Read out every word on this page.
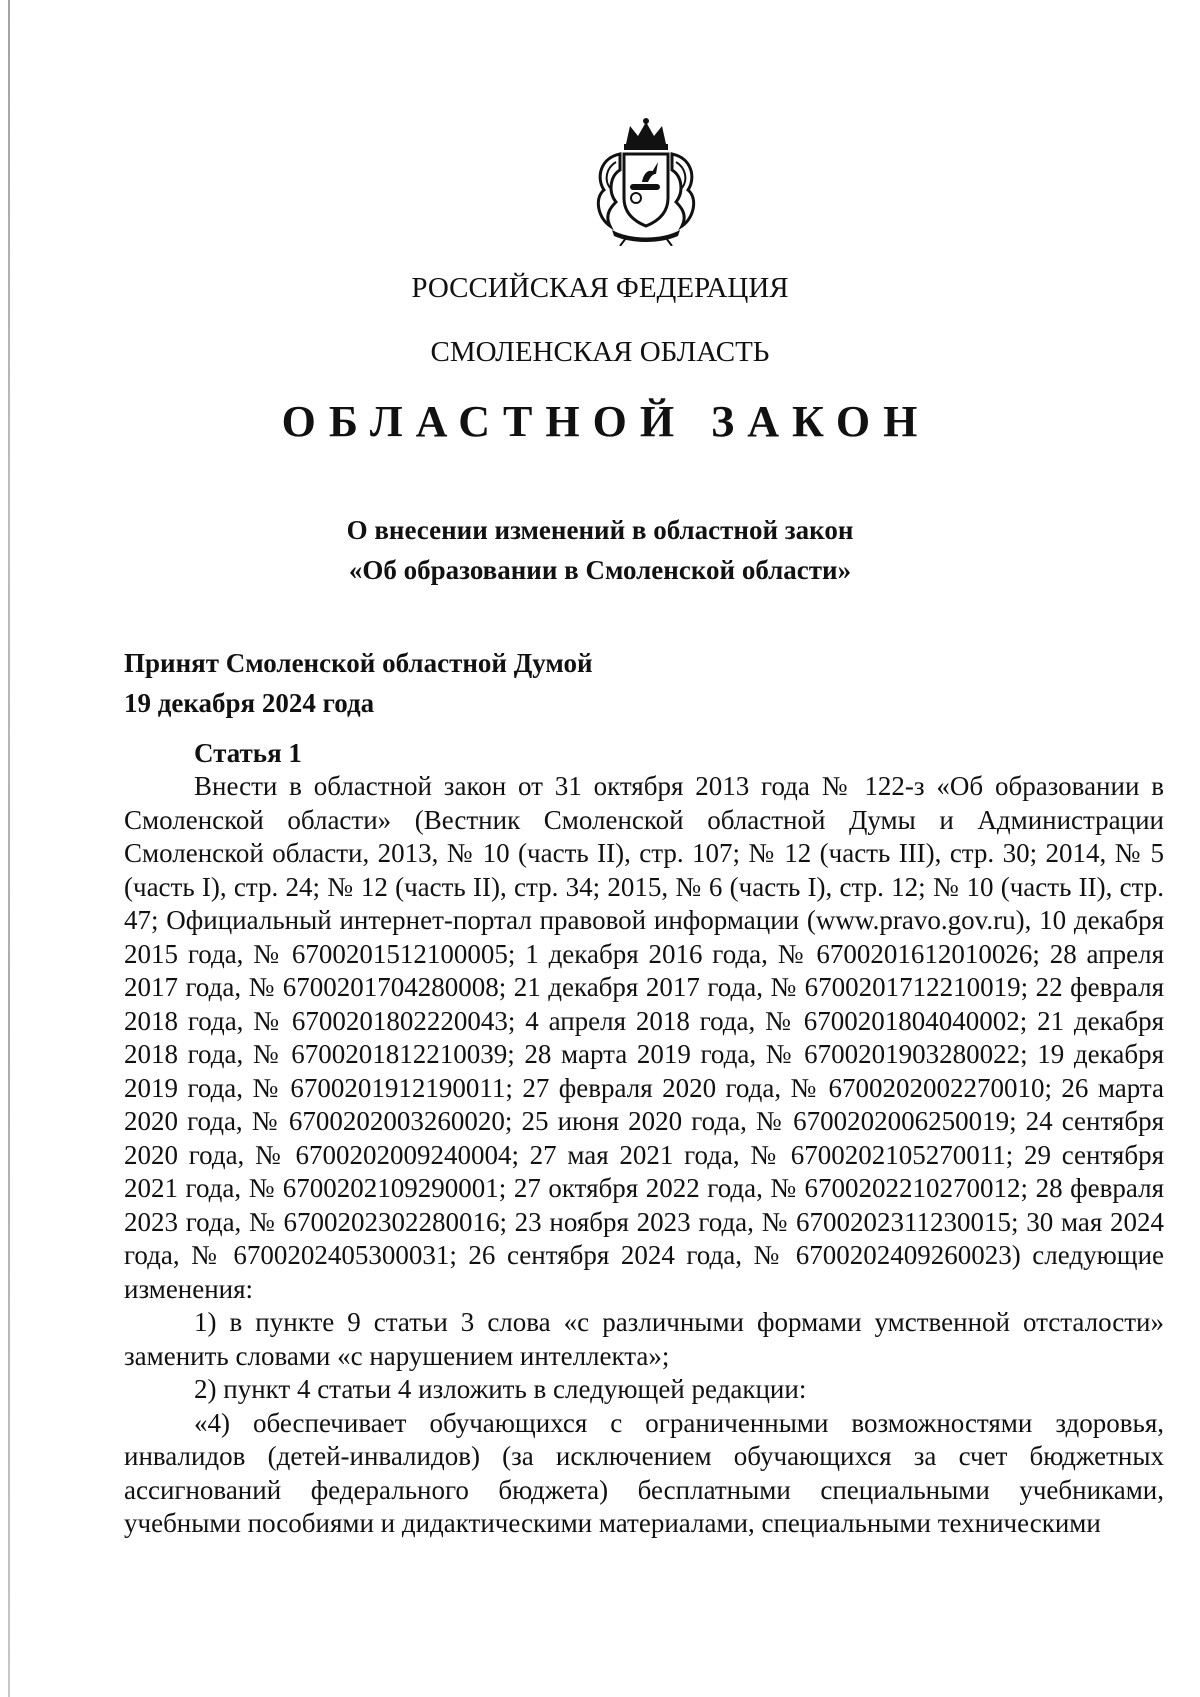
РОССИЙСКАЯ ФЕДЕРАЦИЯ
СМОЛЕНСКАЯ ОБЛАСТЬ
ОБЛАСТНОЙ ЗАКОН
О внесении изменений в областной закон
«Об образовании в Смоленской области»
Принят Смоленской областной Думой
19 декабря 2024 года
Статья 1

Внести в областной закон от 31 октября 2013 года № 122-з «Об образовании в Смоленской области» (Вестник Смоленской областной Думы и Администрации Смоленской области, 2013, № 10 (часть II), стр. 107; № 12 (часть III), стр. 30; 2014, № 5 (часть I), стр. 24; № 12 (часть II), стр. 34; 2015, № 6 (часть I), стр. 12; № 10 (часть II), стр. 47; Официальный интернет-портал правовой информации (www.pravo.gov.ru), 10 декабря 2015 года, № 6700201512100005; 1 декабря 2016 года, № 6700201612010026; 28 апреля 2017 года, № 6700201704280008; 21 декабря 2017 года, № 6700201712210019; 22 февраля 2018 года, № 6700201802220043; 4 апреля 2018 года, № 6700201804040002; 21 декабря 2018 года, № 6700201812210039; 28 марта 2019 года, № 6700201903280022; 19 декабря 2019 года, № 6700201912190011; 27 февраля 2020 года, № 6700202002270010; 26 марта 2020 года, № 6700202003260020; 25 июня 2020 года, № 6700202006250019; 24 сентября 2020 года, № 6700202009240004; 27 мая 2021 года, № 6700202105270011; 29 сентября 2021 года, № 6700202109290001; 27 октября 2022 года, № 6700202210270012; 28 февраля 2023 года, № 6700202302280016; 23 ноября 2023 года, № 6700202311230015; 30 мая 2024 года, № 6700202405300031; 26 сентября 2024 года, № 6700202409260023) следующие изменения:

1) в пункте 9 статьи 3 слова «с различными формами умственной отсталости» заменить словами «с нарушением интеллекта»;

2) пункт 4 статьи 4 изложить в следующей редакции:

«4) обеспечивает обучающихся с ограниченными возможностями здоровья, инвалидов (детей-инвалидов) (за исключением обучающихся за счет бюджетных ассигнований федерального бюджета) бесплатными специальными учебниками, учебными пособиями и дидактическими материалами, специальными техническими
